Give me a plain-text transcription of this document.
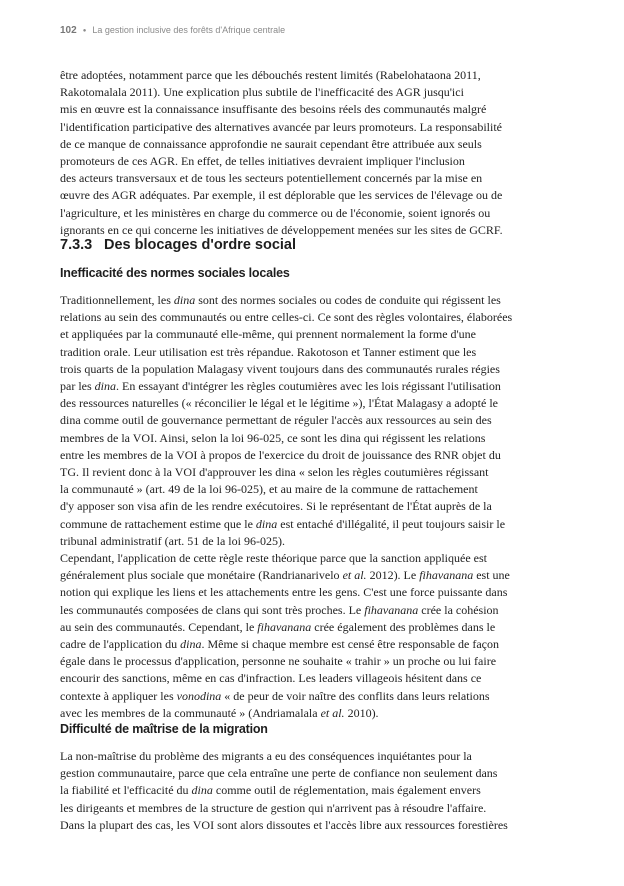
102 ● La gestion inclusive des forêts d'Afrique centrale
être adoptées, notamment parce que les débouchés restent limités (Rabelohataona 2011,
Rakotomalala 2011). Une explication plus subtile de l'inefficacité des AGR jusqu'ici
mis en œuvre est la connaissance insuffisante des besoins réels des communautés malgré
l'identification participative des alternatives avancée par leurs promoteurs. La responsabilité
de ce manque de connaissance approfondie ne saurait cependant être attribuée aux seuls
promoteurs de ces AGR. En effet, de telles initiatives devraient impliquer l'inclusion
des acteurs transversaux et de tous les secteurs potentiellement concernés par la mise en
œuvre des AGR adéquates. Par exemple, il est déplorable que les services de l'élevage ou de
l'agriculture, et les ministères en charge du commerce ou de l'économie, soient ignorés ou
ignorants en ce qui concerne les initiatives de développement menées sur les sites de GCRF.
7.3.3 Des blocages d'ordre social
Inefficacité des normes sociales locales
Traditionnellement, les dina sont des normes sociales ou codes de conduite qui régissent les
relations au sein des communautés ou entre celles-ci. Ce sont des règles volontaires, élaborées
et appliquées par la communauté elle-même, qui prennent normalement la forme d'une
tradition orale. Leur utilisation est très répandue. Rakotoson et Tanner estiment que les
trois quarts de la population Malagasy vivent toujours dans des communautés rurales régies
par les dina. En essayant d'intégrer les règles coutumières avec les lois régissant l'utilisation
des ressources naturelles (« réconcilier le légal et le légitime »), l'État Malagasy a adopté le
dina comme outil de gouvernance permettant de réguler l'accès aux ressources au sein des
membres de la VOI. Ainsi, selon la loi 96-025, ce sont les dina qui régissent les relations
entre les membres de la VOI à propos de l'exercice du droit de jouissance des RNR objet du
TG. Il revient donc à la VOI d'approuver les dina « selon les règles coutumières régissant
la communauté » (art. 49 de la loi 96-025), et au maire de la commune de rattachement
d'y apposer son visa afin de les rendre exécutoires. Si le représentant de l'État auprès de la
commune de rattachement estime que le dina est entaché d'illégalité, il peut toujours saisir le
tribunal administratif (art. 51 de la loi 96-025).
Cependant, l'application de cette règle reste théorique parce que la sanction appliquée est
généralement plus sociale que monétaire (Randrianarivelo et al. 2012). Le fihavanana est une
notion qui explique les liens et les attachements entre les gens. C'est une force puissante dans
les communautés composées de clans qui sont très proches. Le fihavanana crée la cohésion
au sein des communautés. Cependant, le fihavanana crée également des problèmes dans le
cadre de l'application du dina. Même si chaque membre est censé être responsable de façon
égale dans le processus d'application, personne ne souhaite « trahir » un proche ou lui faire
encourir des sanctions, même en cas d'infraction. Les leaders villageois hésitent dans ce
contexte à appliquer les vonodina « de peur de voir naître des conflits dans leurs relations
avec les membres de la communauté » (Andriamalala et al. 2010).
Difficulté de maîtrise de la migration
La non-maîtrise du problème des migrants a eu des conséquences inquiétantes pour la
gestion communautaire, parce que cela entraîne une perte de confiance non seulement dans
la fiabilité et l'efficacité du dina comme outil de réglementation, mais également envers
les dirigeants et membres de la structure de gestion qui n'arrivent pas à résoudre l'affaire.
Dans la plupart des cas, les VOI sont alors dissoutes et l'accès libre aux ressources forestières
